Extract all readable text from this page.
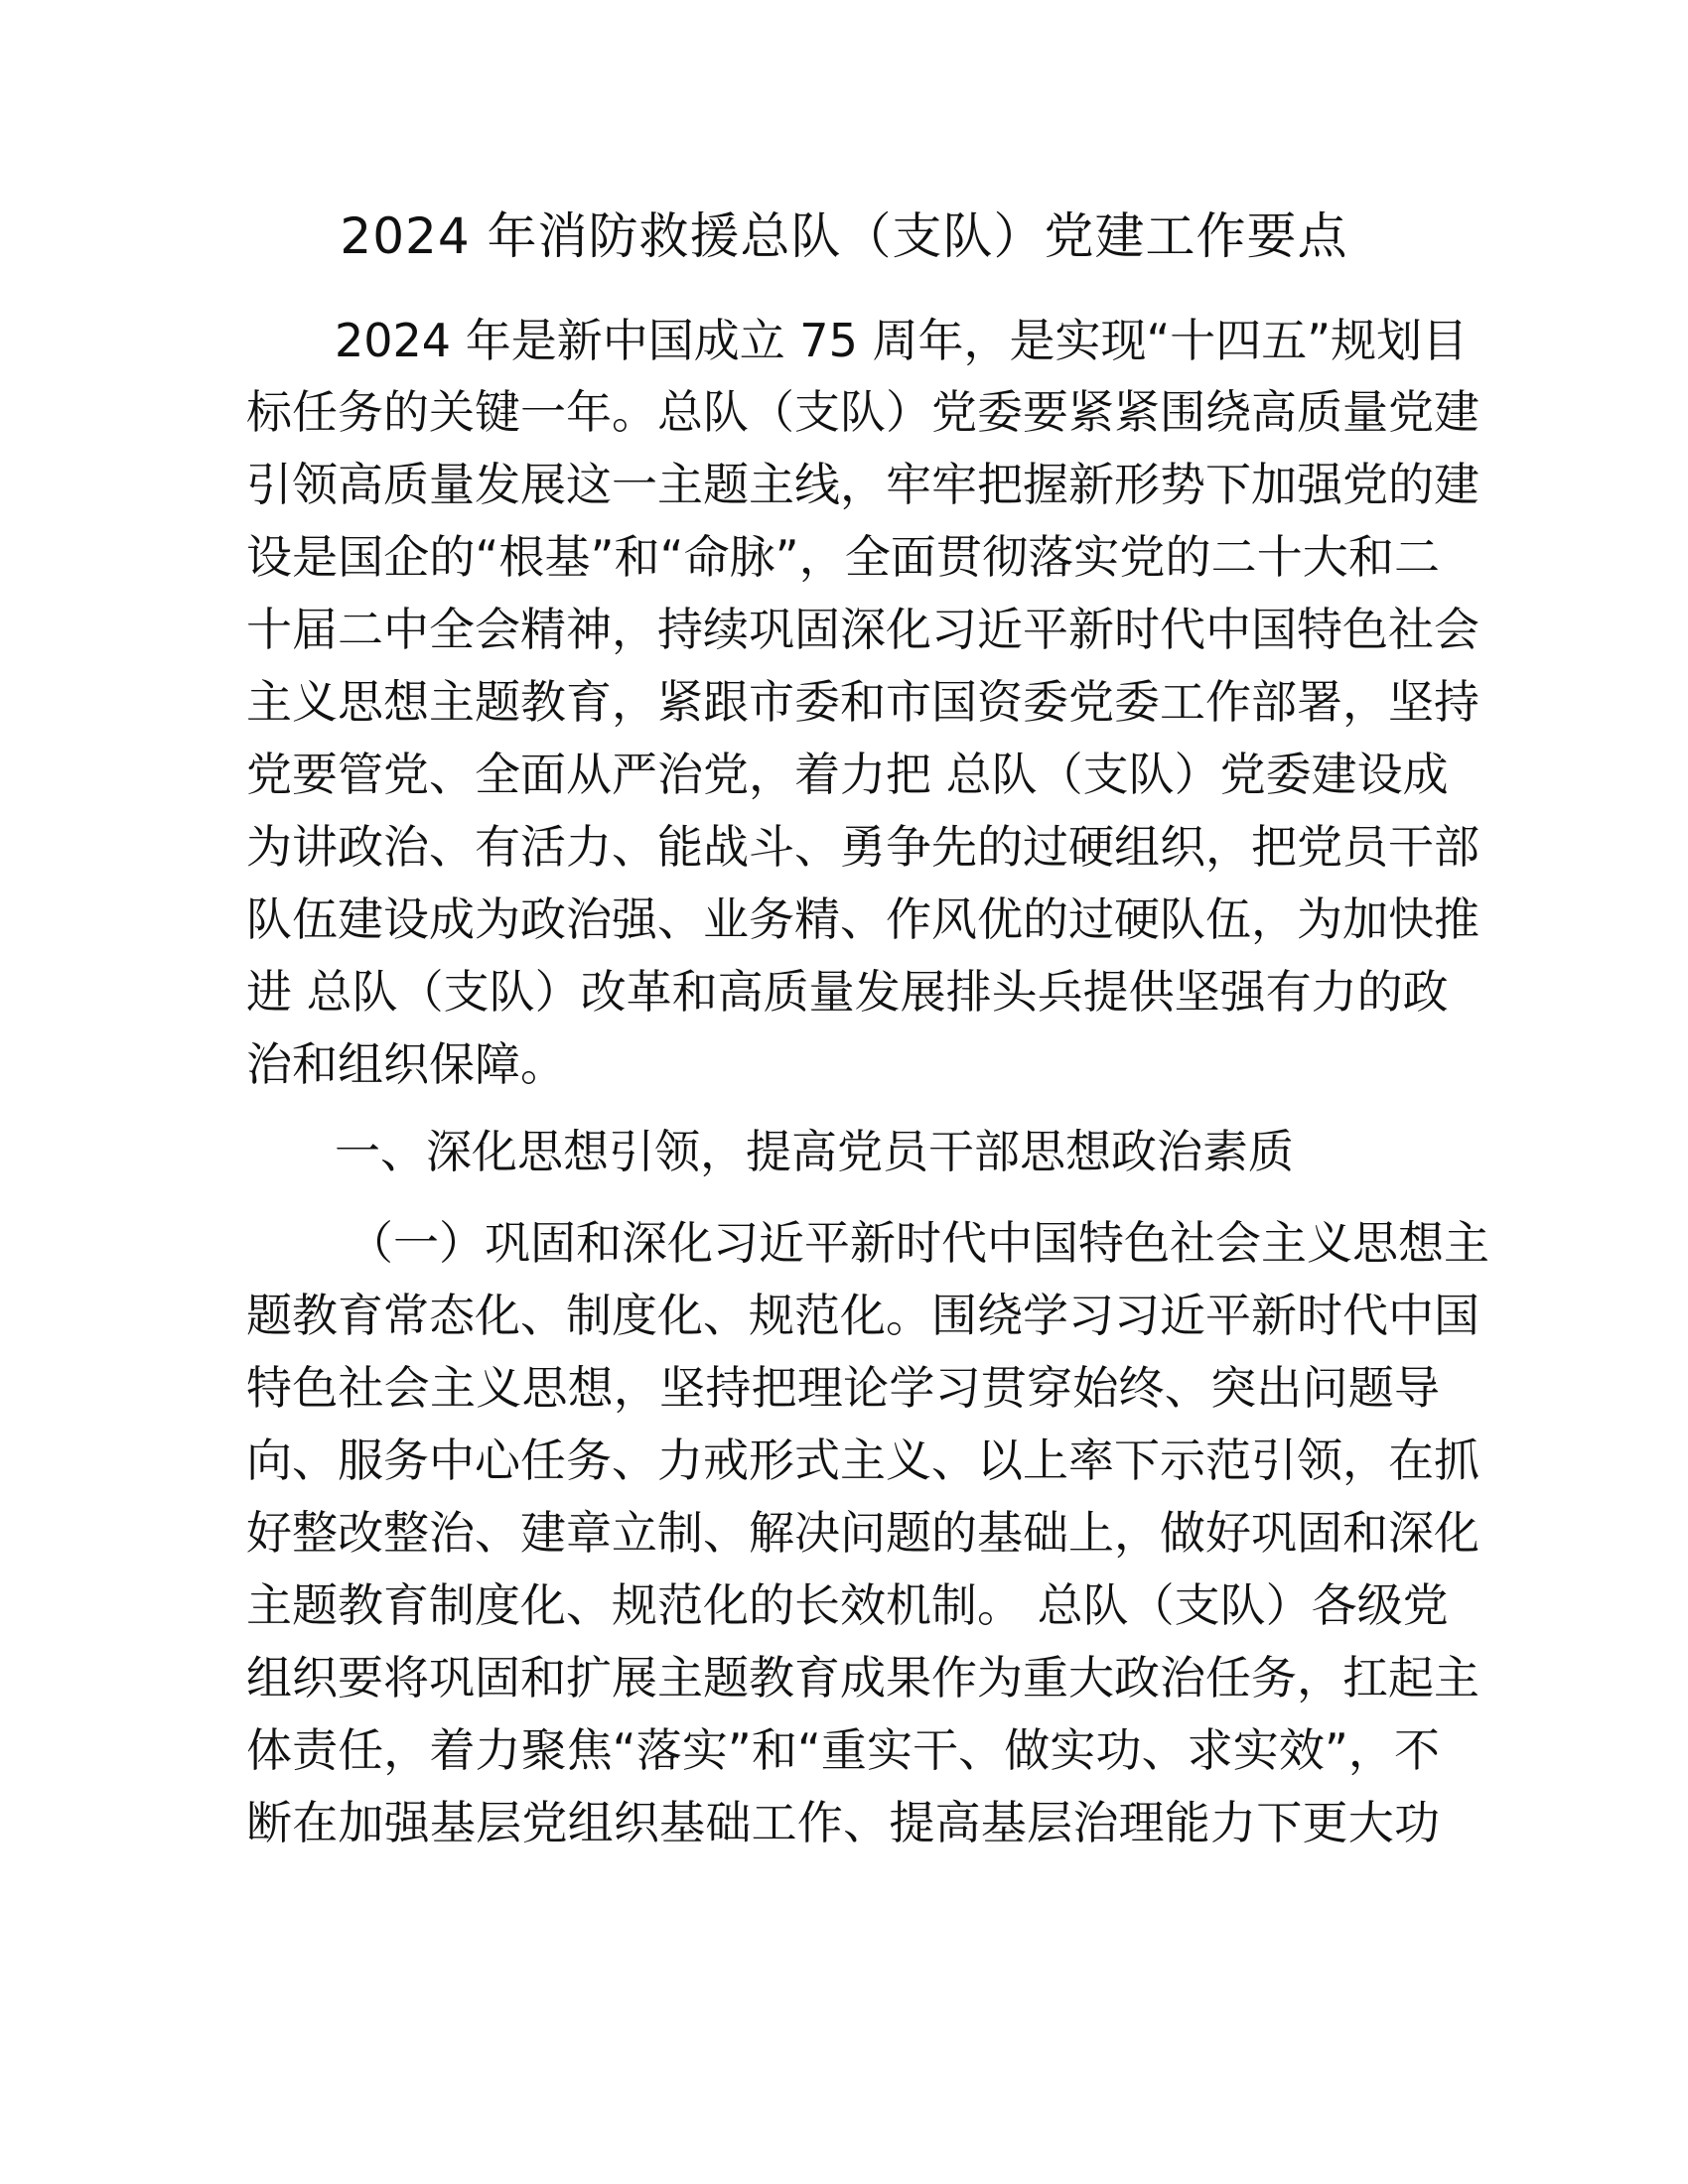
2024 年消防救援总队（支队）党建工作要点
2024 年是新中国成立 75 周年，是实现“十四五”规划目
标任务的关键一年。总队（支队）党委要紧紧围绕高质量党建
引领高质量发展这一主题主线，牢牢把握新形势下加强党的建
设是国企的“根基”和“命脉”，全面贯彻落实党的二十大和二
十届二中全会精神，持续巩固深化习近平新时代中国特色社会
主义思想主题教育，紧跟市委和市国资委党委工作部署，坚持
党要管党、全面从严治党，着力把 总队（支队）党委建设成
为讲政治、有活力、能战斗、勇争先的过硬组织，把党员干部
队伍建设成为政治强、业务精、作风优的过硬队伍，为加快推
进 总队（支队）改革和高质量发展排头兵提供坚强有力的政
治和组织保障。
一、深化思想引领，提高党员干部思想政治素质
（一）巩固和深化习近平新时代中国特色社会主义思想主
题教育常态化、制度化、规范化。围绕学习习近平新时代中国
特色社会主义思想，坚持把理论学习贯穿始终、突出问题导
向、服务中心任务、力戒形式主义、以上率下示范引领，在抓
好整改整治、建章立制、解决问题的基础上，做好巩固和深化
主题教育制度化、规范化的长效机制。 总队（支队）各级党
组织要将巩固和扩展主题教育成果作为重大政治任务，扛起主
体责任，着力聚焦“落实”和“重实干、做实功、求实效”，不
断在加强基层党组织基础工作、提高基层治理能力下更大功
